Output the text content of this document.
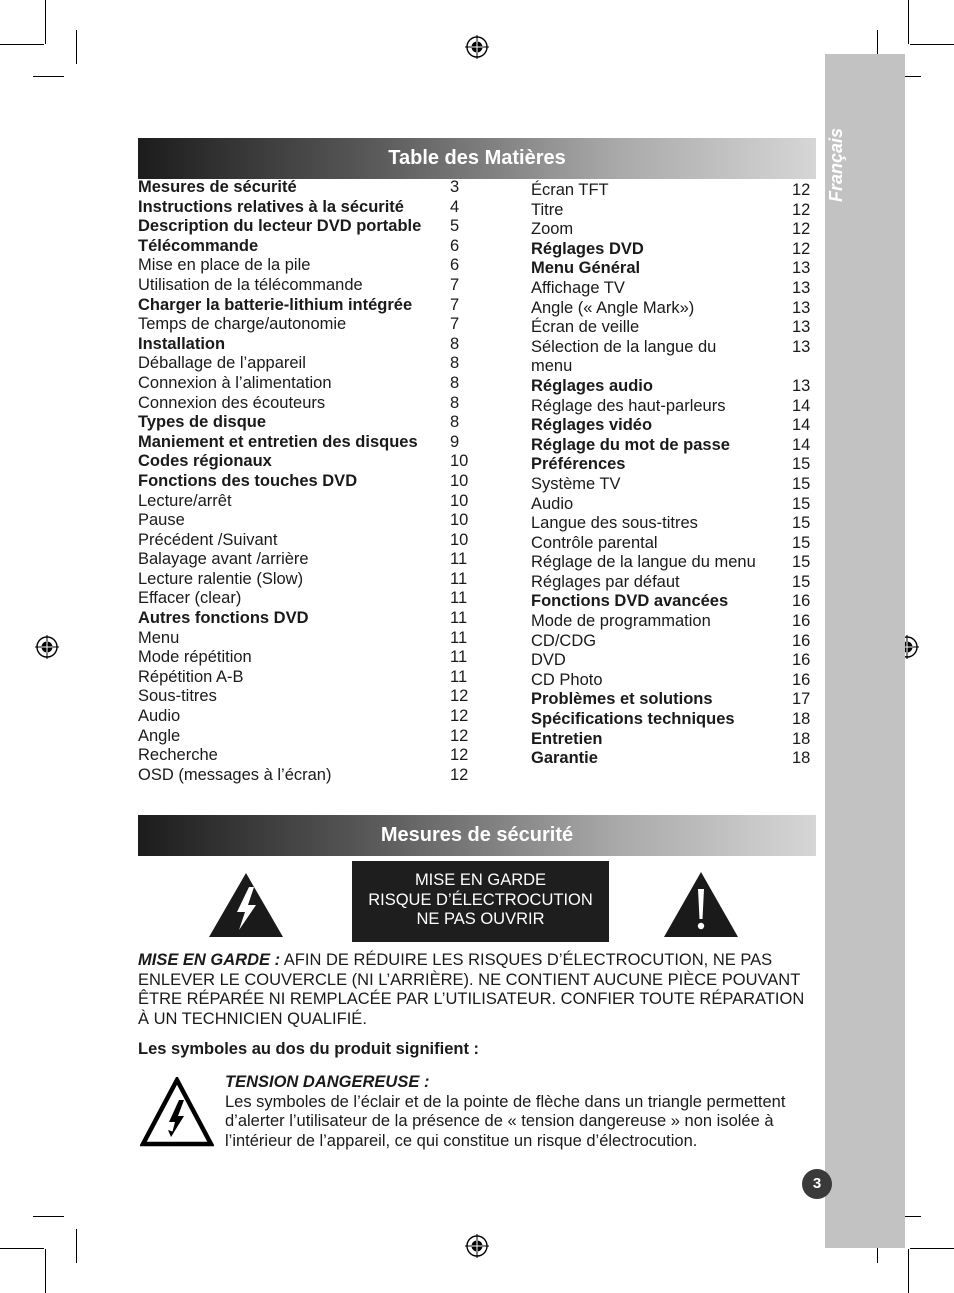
Français
Table des Matières
Mesures de sécurité	3
Instructions relatives à la sécurité	4
Description du lecteur DVD portable 5
Télécommande	6
Mise en place de la pile	6
Utilisation de la télécommande	7
Charger la batterie-lithium intégrée 7
Temps de charge/autonomie	7
Installation	8
Déballage de l’appareil	8
Connexion à l’alimentation	8
Connexion des écouteurs	8
Types de disque	8
Maniement et entretien des disques 9
Codes régionaux	10
Fonctions des touches DVD	10
Lecture/arrêt	10
Pause	10
Précédent /Suivant	10
Balayage avant /arrière	11
Lecture ralentie (Slow)	11
Effacer (clear)	11
Autres fonctions DVD	11
Menu	11
Mode répétition	11
Répétition A-B	11
Sous-titres	12
Audio	12
Angle	12
Recherche	12
OSD (messages à l’écran)	12
Écran TFT	12
Titre	12
Zoom	12
Réglages DVD	12
Menu Général	13
Affichage TV	13
Angle (« Angle Mark»)	13
Écran de veille	13
Sélection de la langue du	13
menu
Réglages audio	13
Réglage des haut-parleurs	14
Réglages vidéo	14
Réglage du mot de passe	14
Préférences	15
Système TV	15
Audio	15
Langue des sous-titres	15
Contrôle parental	15
Réglage de la langue du menu 15
Réglages par défaut	15
Fonctions DVD avancées	16
Mode de programmation	16
CD/CDG	16
DVD	16
CD Photo	16
Problèmes et solutions	17
Spécifications techniques	18
Entretien	18
Garantie	18
Mesures de sécurité
MISE EN GARDE
RISQUE D’ÉLECTROCUTION
NE PAS OUVRIR
MISE EN GARDE : AFIN DE RÉDUIRE LES RISQUES D’ÉLECTROCUTION, NE PAS ENLEVER LE COUVERCLE (NI L’ARRIÈRE). NE CONTIENT AUCUNE PIÈCE POUVANT ÊTRE RÉPARÉE NI REMPLACÉE PAR L’UTILISATEUR. CONFIER TOUTE RÉPARATION À UN TECHNICIEN QUALIFIÉ.
Les symboles au dos du produit signifient :
TENSION DANGEREUSE :
Les symboles de l’éclair et de la pointe de flèche dans un triangle permettent d’alerter l’utilisateur de la présence de « tension dangereuse » non isolée à l’intérieur de l’appareil, ce qui constitue un risque d’électrocution.
3
